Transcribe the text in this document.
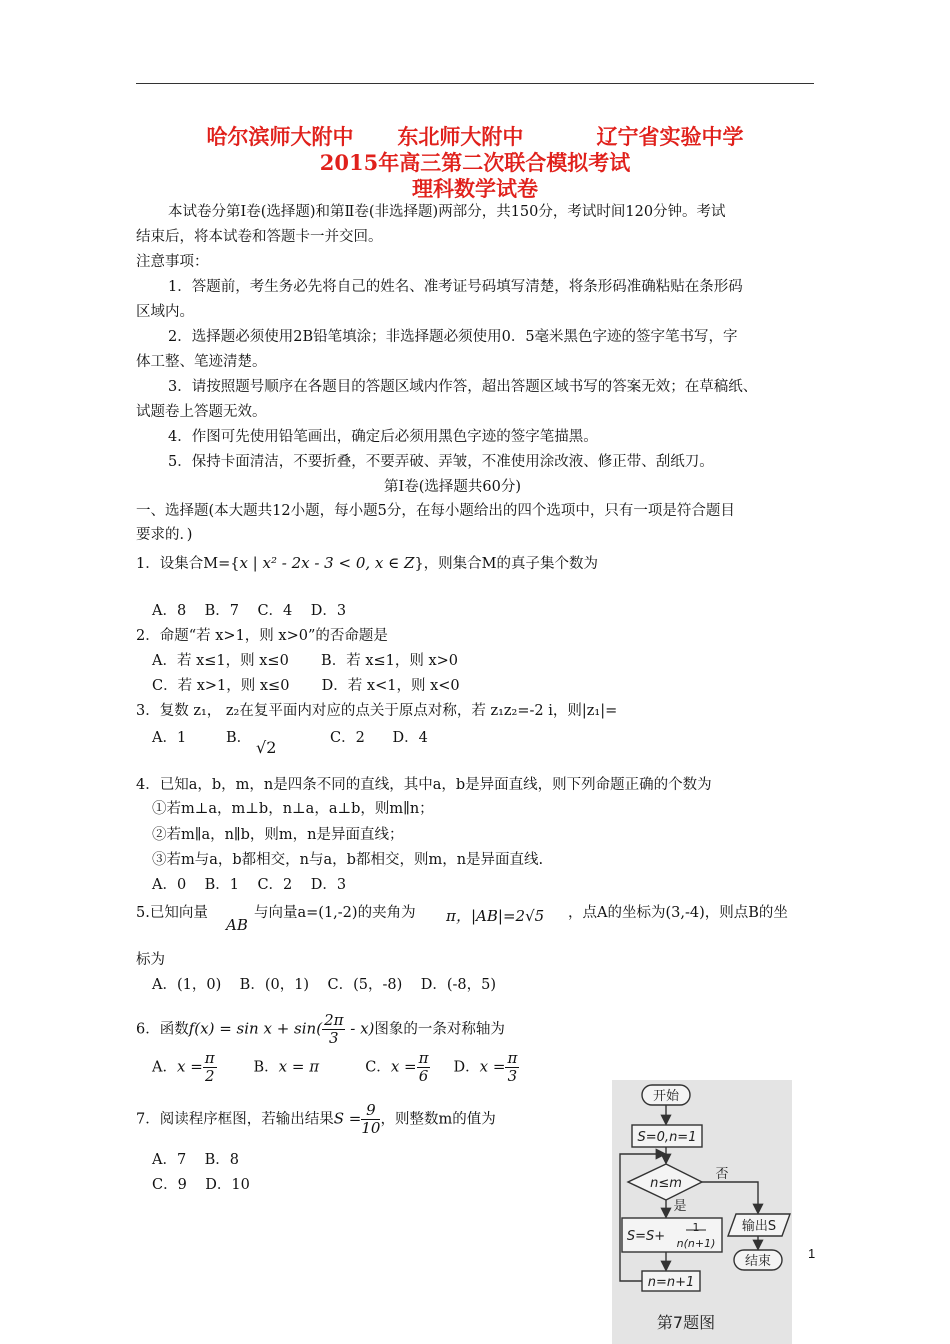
哈尔滨师大附中      东北师大附中          辽宁省实验中学
2015年高三第二次联合模拟考试
理科数学试卷
本试卷分第Ⅰ卷(选择题)和第Ⅱ卷(非选择题)两部分，共150分，考试时间120分钟。考试
结束后，将本试卷和答题卡一并交回。
注意事项：
1．答题前，考生务必先将自己的姓名、准考证号码填写清楚，将条形码准确粘贴在条形码
区域内。
2．选择题必须使用2B铅笔填涂；非选择题必须使用0．5毫米黑色字迹的签字笔书写，字
体工整、笔迹清楚。
3．请按照题号顺序在各题目的答题区域内作答，超出答题区域书写的答案无效；在草稿纸、
试题卷上答题无效。
4．作图可先使用铅笔画出，确定后必须用黑色字迹的签字笔描黑。
5．保持卡面清洁，不要折叠，不要弄破、弄皱，不准使用涂改液、修正带、刮纸刀。
第Ⅰ卷(选择题共60分)
一、选择题(本大题共12小题，每小题5分，在每小题给出的四个选项中，只有一项是符合题目
要求的．)
1．设集合M={x | x² - 2x - 3 < 0, x ∈ Z}，则集合M的真子集个数为
A．8    B．7    C．4    D．3
2．命题“若 x>1，则 x>0”的否命题是
A．若 x≤1，则 x≤0       B．若 x≤1，则 x>0
C．若 x>1，则 x≤0       D．若 x<1，则 x<0
3．复数 z₁， z₂在复平面内对应的点关于原点对称，若 z₁z₂=-2 i，则|z₁|=
A．1	B． √2	C．2      D．4
4．已知a，b，m，n是四条不同的直线，其中a，b是异面直线，则下列命题正确的个数为
①若m⊥a，m⊥b，n⊥a，a⊥b，则m∥n；
②若m∥a，n∥b，则m，n是异面直线；
③若m与a，b都相交，n与a，b都相交，则m，n是异面直线.
A．0    B．1    C．2    D．3
5.已知向量
AB
与向量a=(1,-2)的夹角为 π ，|AB|=2√5 ，点A的坐标为(3,-4)，则点B的坐
标为
A．(1，0)    B．(0，1)    C．(5，-8)    D．(-8，5)
6．函数$f(x) = \sin x + \sin( \frac{2\pi}{3} - x)$图象的一条对称轴为
A．$x = \frac{\pi}{2}$	B．x = π	C．$x = \frac{\pi}{6}$ D．$x = \frac{\pi}{3}$
7．阅读程序框图，若输出结果$S = \frac{9}{10}$ ，则整数m的值为
A．7    B．8
C．9    D．10
开始
S=0,n=1
n≤m
否
是
S=S+
1
n(n+1)
n=n+1
输出S
结束
第7题图
1
